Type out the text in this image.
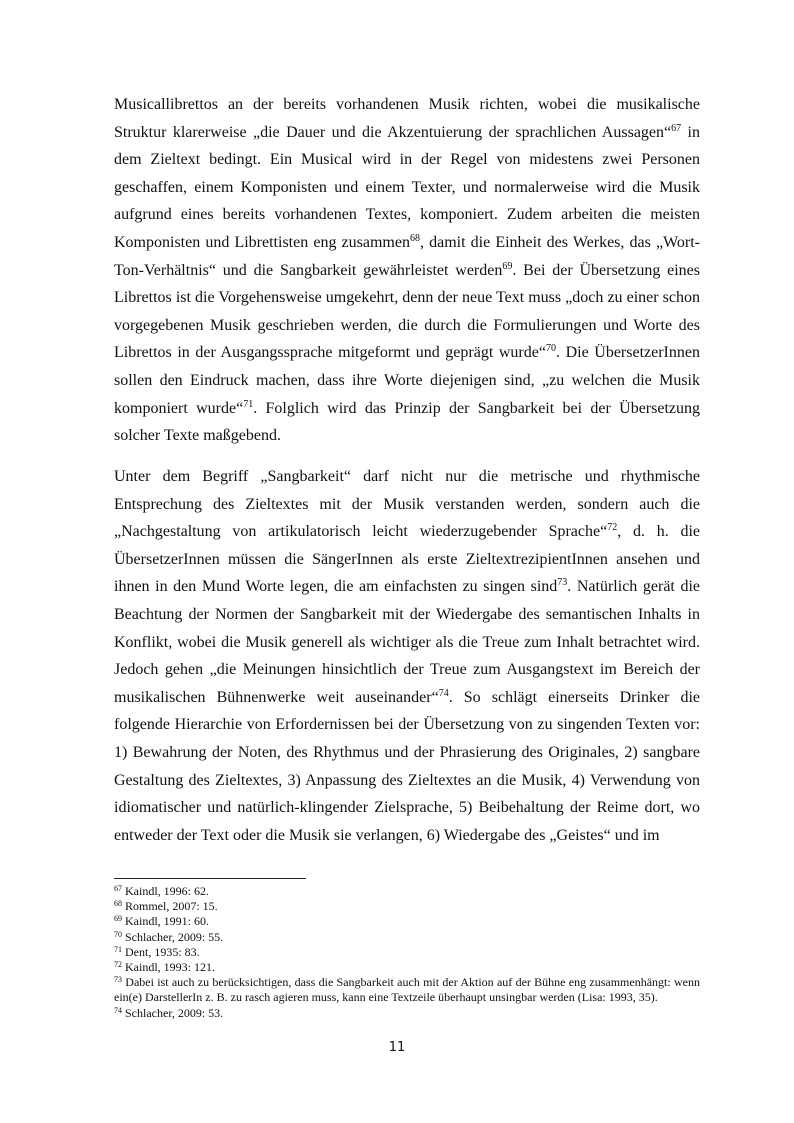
Musicallibrettos an der bereits vorhandenen Musik richten, wobei die musikalische Struktur klarerweise „die Dauer und die Akzentuierung der sprachlichen Aussagen“$^{67}$ in dem Zieltext bedingt. Ein Musical wird in der Regel von midestens zwei Personen geschaffen, einem Komponisten und einem Texter, und normalerweise wird die Musik aufgrund eines bereits vorhandenen Textes, komponiert. Zudem arbeiten die meisten Komponisten und Librettisten eng zusammen$^{68}$, damit die Einheit des Werkes, das „Wort-Ton-Verhältnis“ und die Sangbarkeit gewährleistet werden$^{69}$. Bei der Übersetzung eines Librettos ist die Vorgehensweise umgekehrt, denn der neue Text muss „doch zu einer schon vorgegebenen Musik geschrieben werden, die durch die Formulierungen und Worte des Librettos in der Ausgangssprache mitgeformt und geprägt wurde“$^{70}$. Die ÜbersetzerInnen sollen den Eindruck machen, dass ihre Worte diejenigen sind, „zu welchen die Musik komponiert wurde“$^{71}$. Folglich wird das Prinzip der Sangbarkeit bei der Übersetzung solcher Texte maßgebend.

Unter dem Begriff „Sangbarkeit“ darf nicht nur die metrische und rhythmische Entsprechung des Zieltextes mit der Musik verstanden werden, sondern auch die „Nachgestaltung von artikulatorisch leicht wiederzugebender Sprache“$^{72}$, d. h. die ÜbersetzerInnen müssen die SängerInnen als erste ZieltextrezipientInnen ansehen und ihnen in den Mund Worte legen, die am einfachsten zu singen sind$^{73}$. Natürlich gerät die Beachtung der Normen der Sangbarkeit mit der Wiedergabe des semantischen Inhalts in Konflikt, wobei die Musik generell als wichtiger als die Treue zum Inhalt betrachtet wird. Jedoch gehen „die Meinungen hinsichtlich der Treue zum Ausgangstext im Bereich der musikalischen Bühnenwerke weit auseinander“$^{74}$. So schlägt einerseits Drinker die folgende Hierarchie von Erfordernissen bei der Übersetzung von zu singenden Texten vor: 1) Bewahrung der Noten, des Rhythmus und der Phrasierung des Originales, 2) sangbare Gestaltung des Zieltextes, 3) Anpassung des Zieltextes an die Musik, 4) Verwendung von idiomatischer und natürlich-klingender Zielsprache, 5) Beibehaltung der Reime dort, wo entweder der Text oder die Musik sie verlangen, 6) Wiedergabe des „Geistes“ und im

$^{67}$ Kaindl, 1996: 62.

$^{68}$ Rommel, 2007: 15.

$^{69}$ Kaindl, 1991: 60.

$^{70}$ Schlacher, 2009: 55.

$^{71}$ Dent, 1935: 83.

$^{72}$ Kaindl, 1993: 121.

$^{73}$ Dabei ist auch zu berücksichtigen, dass die Sangbarkeit auch mit der Aktion auf der Bühne eng zusammenhängt: wenn ein(e) DarstellerIn z. B. zu rasch agieren muss, kann eine Textzeile überhaupt unsingbar werden (Lisa: 1993, 35).

$^{74}$ Schlacher, 2009: 53.

11
